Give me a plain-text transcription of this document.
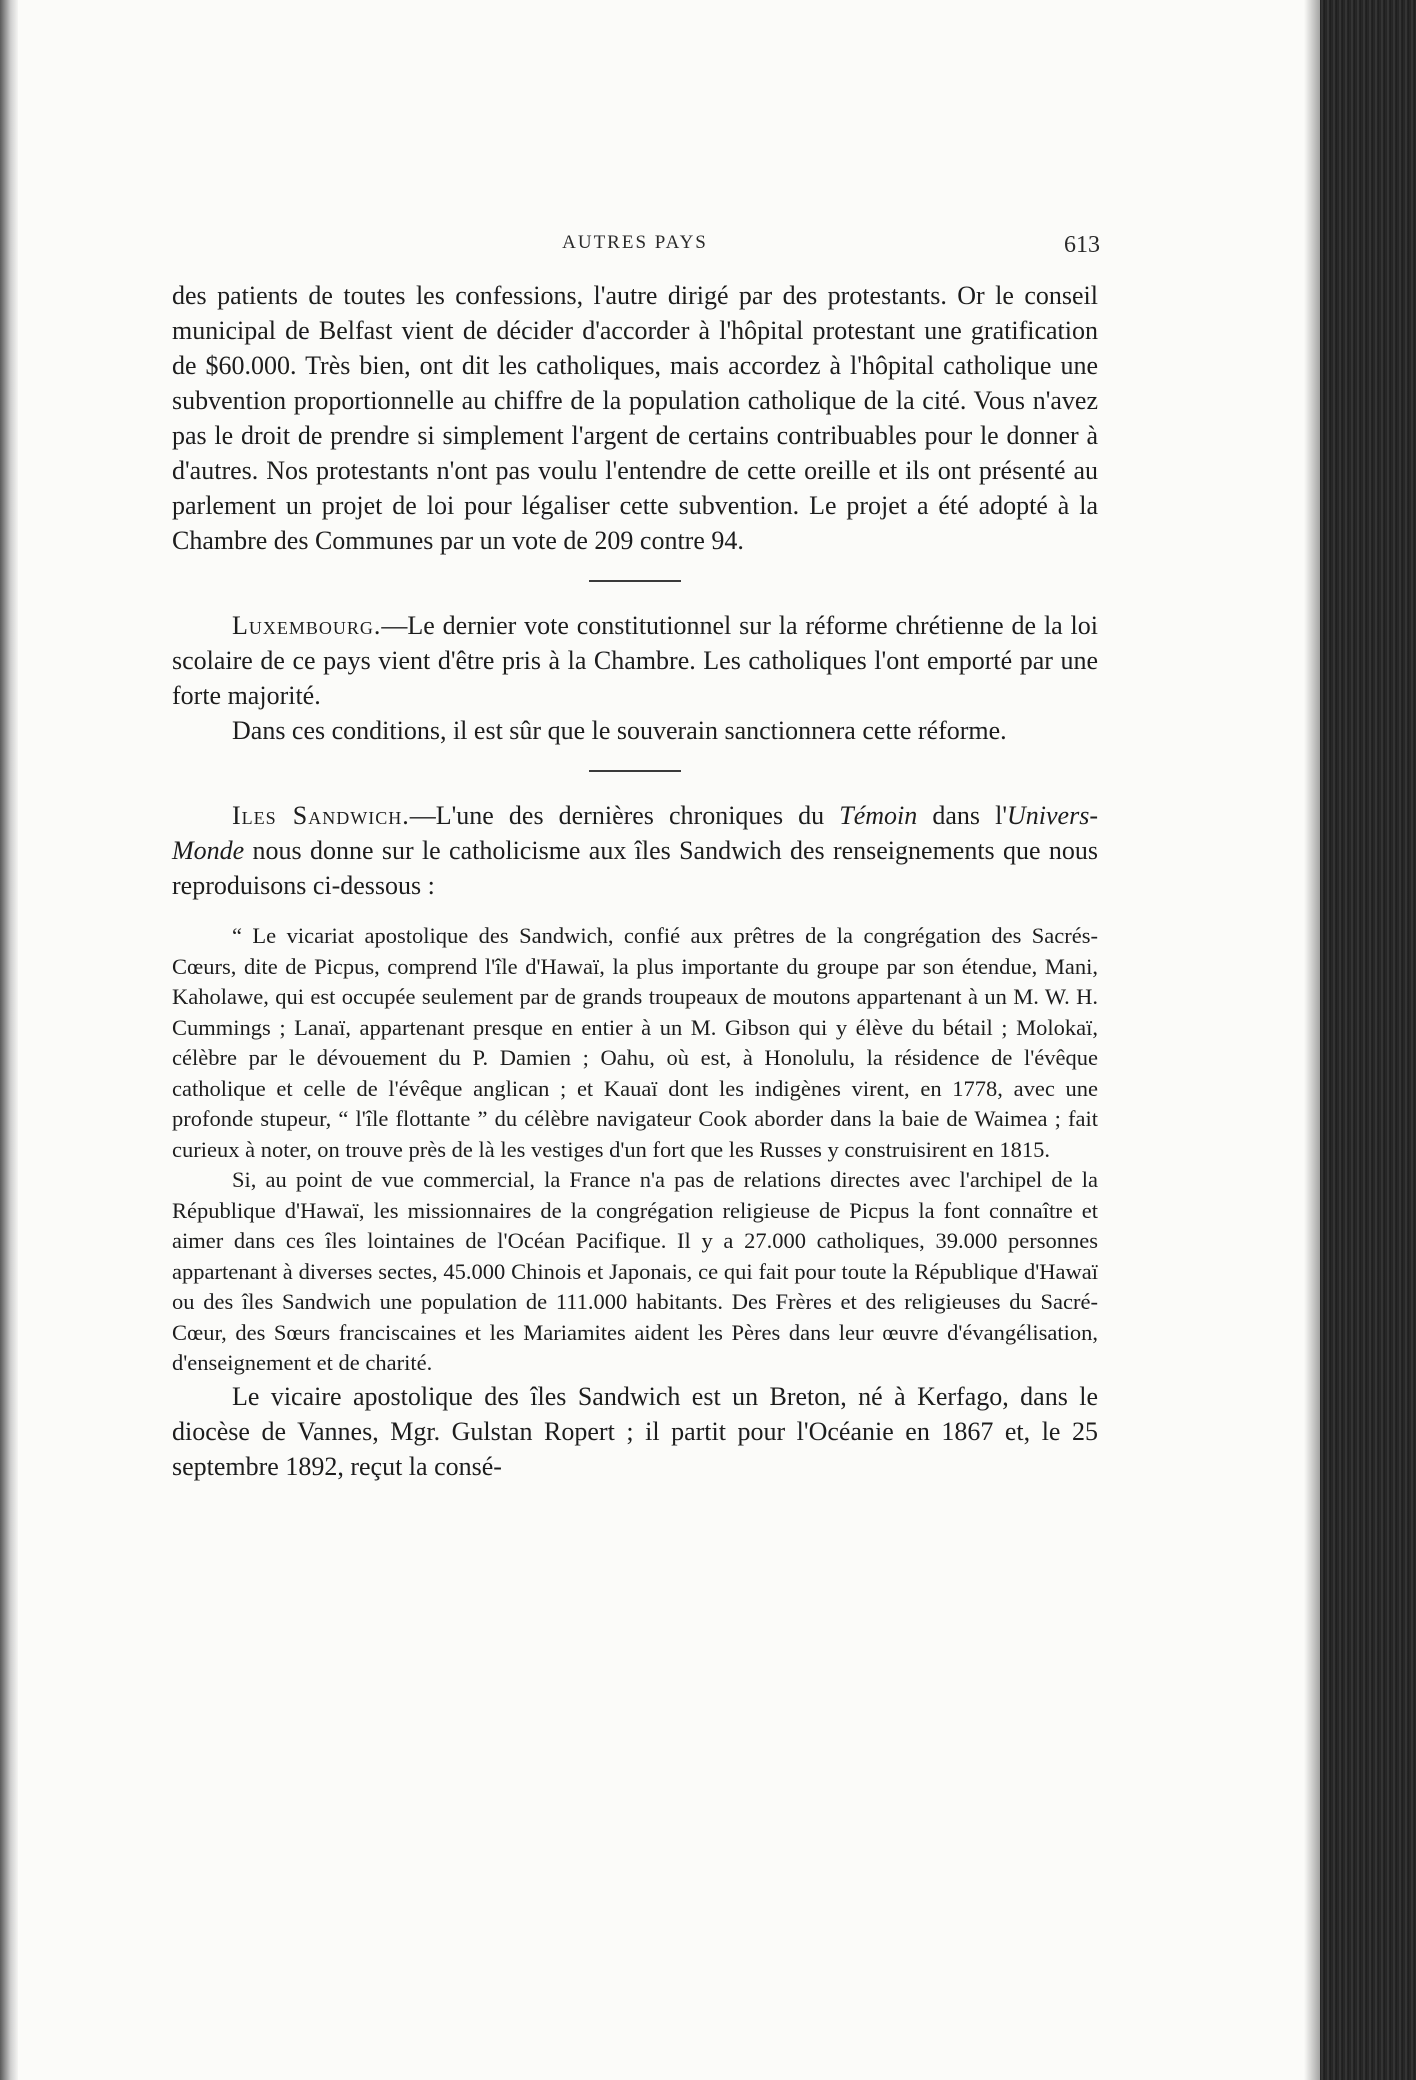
AUTRES PAYS	613

des patients de toutes les confessions, l'autre dirigé par des protestants. Or le conseil municipal de Belfast vient de décider d'accorder à l'hôpital protestant une gratification de $60.000. Très bien, ont dit les catholiques, mais accordez à l'hôpital catholique une subvention proportionnelle au chiffre de la population catholique de la cité. Vous n'avez pas le droit de prendre si simplement l'argent de certains contribuables pour le donner à d'autres. Nos protestants n'ont pas voulu l'entendre de cette oreille et ils ont présenté au parlement un projet de loi pour légaliser cette subvention. Le projet a été adopté à la Chambre des Communes par un vote de 209 contre 94.

Luxembourg.—Le dernier vote constitutionnel sur la réforme chrétienne de la loi scolaire de ce pays vient d'être pris à la Chambre. Les catholiques l'ont emporté par une forte majorité.

Dans ces conditions, il est sûr que le souverain sanctionnera cette réforme.

Iles Sandwich.—L'une des dernières chroniques du Témoin dans l'Univers-Monde nous donne sur le catholicisme aux îles Sandwich des renseignements que nous reproduisons ci-dessous :

“ Le vicariat apostolique des Sandwich, confié aux prêtres de la congrégation des Sacrés-Cœurs, dite de Picpus, comprend l'île d'Hawaï, la plus importante du groupe par son étendue, Mani, Kaholawe, qui est occupée seulement par de grands troupeaux de moutons appartenant à un M. W. H. Cummings ; Lanaï, appartenant presque en entier à un M. Gibson qui y élève du bétail ; Molokaï, célèbre par le dévouement du P. Damien ; Oahu, où est, à Honolulu, la résidence de l'évêque catholique et celle de l'évêque anglican ; et Kauaï dont les indigènes virent, en 1778, avec une profonde stupeur, “ l'île flottante ” du célèbre navigateur Cook aborder dans la baie de Waimea ; fait curieux à noter, on trouve près de là les vestiges d'un fort que les Russes y construisirent en 1815.

Si, au point de vue commercial, la France n'a pas de relations directes avec l'archipel de la République d'Hawaï, les missionnaires de la congrégation religieuse de Picpus la font connaître et aimer dans ces îles lointaines de l'Océan Pacifique. Il y a 27.000 catholiques, 39.000 personnes appartenant à diverses sectes, 45.000 Chinois et Japonais, ce qui fait pour toute la République d'Hawaï ou des îles Sandwich une population de 111.000 habitants. Des Frères et des religieuses du Sacré-Cœur, des Sœurs franciscaines et les Mariamites aident les Pères dans leur œuvre d'évangélisation, d'enseignement et de charité.

Le vicaire apostolique des îles Sandwich est un Breton, né à Kerfago, dans le diocèse de Vannes, Mgr. Gulstan Ropert ; il partit pour l'Océanie en 1867 et, le 25 septembre 1892, reçut la consé-
